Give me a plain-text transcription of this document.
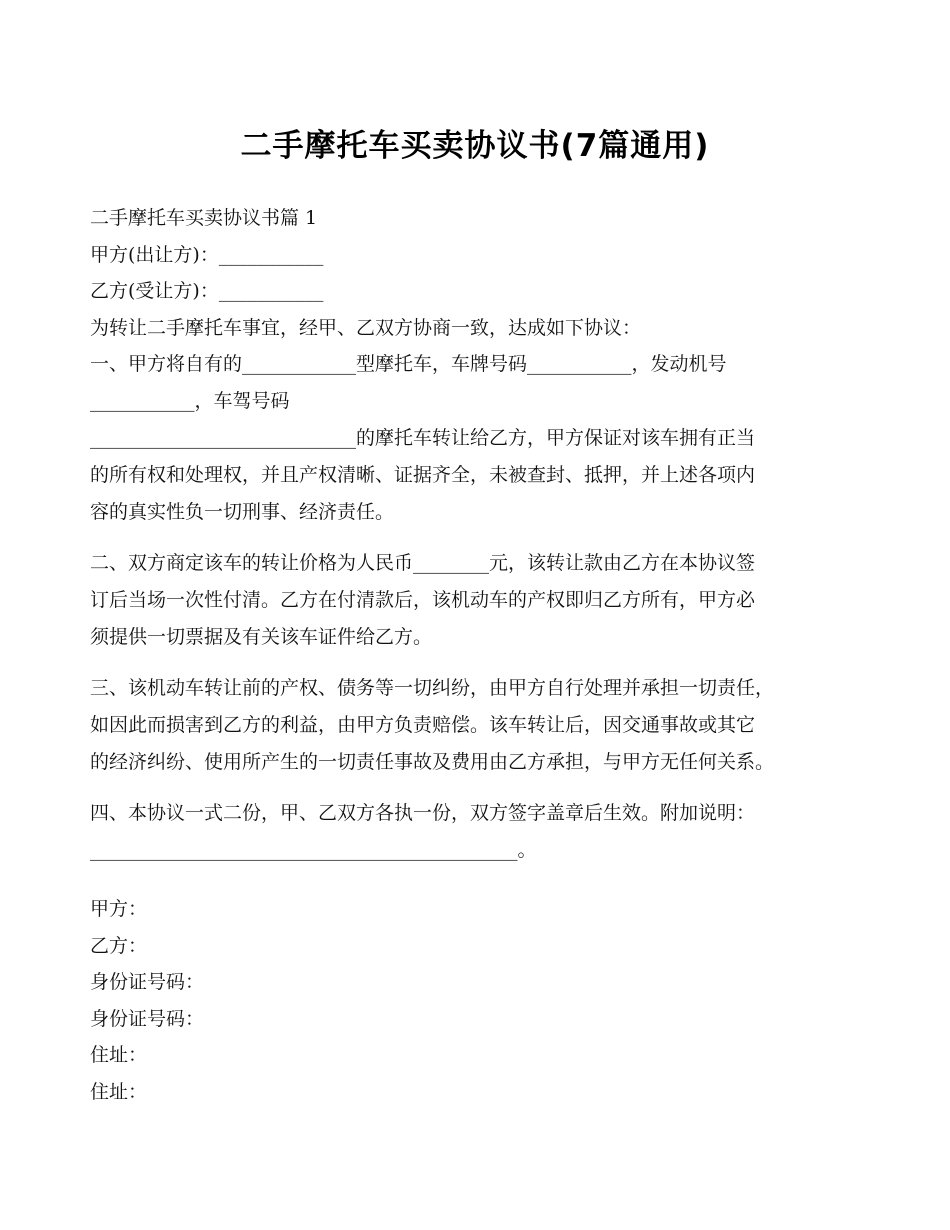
二手摩托车买卖协议书(7篇通用)
二手摩托车买卖协议书篇 1
甲方(出让方)：___________
乙方(受让方)：___________
为转让二手摩托车事宜，经甲、乙双方协商一致，达成如下协议：
一、甲方将自有的____________型摩托车，车牌号码___________，发动机号
___________，车驾号码
____________________________的摩托车转让给乙方，甲方保证对该车拥有正当
的所有权和处理权，并且产权清晰、证据齐全，未被查封、抵押，并上述各项内
容的真实性负一切刑事、经济责任。
二、双方商定该车的转让价格为人民币________元，该转让款由乙方在本协议签
订后当场一次性付清。乙方在付清款后，该机动车的产权即归乙方所有，甲方必
须提供一切票据及有关该车证件给乙方。
三、该机动车转让前的产权、债务等一切纠纷，由甲方自行处理并承担一切责任，
如因此而损害到乙方的利益，由甲方负责赔偿。该车转让后，因交通事故或其它
的经济纠纷、使用所产生的一切责任事故及费用由乙方承担，与甲方无任何关系。
四、本协议一式二份，甲、乙双方各执一份，双方签字盖章后生效。附加说明：
_____________________________________________。
甲方：
乙方：
身份证号码：
身份证号码：
住址：
住址：
